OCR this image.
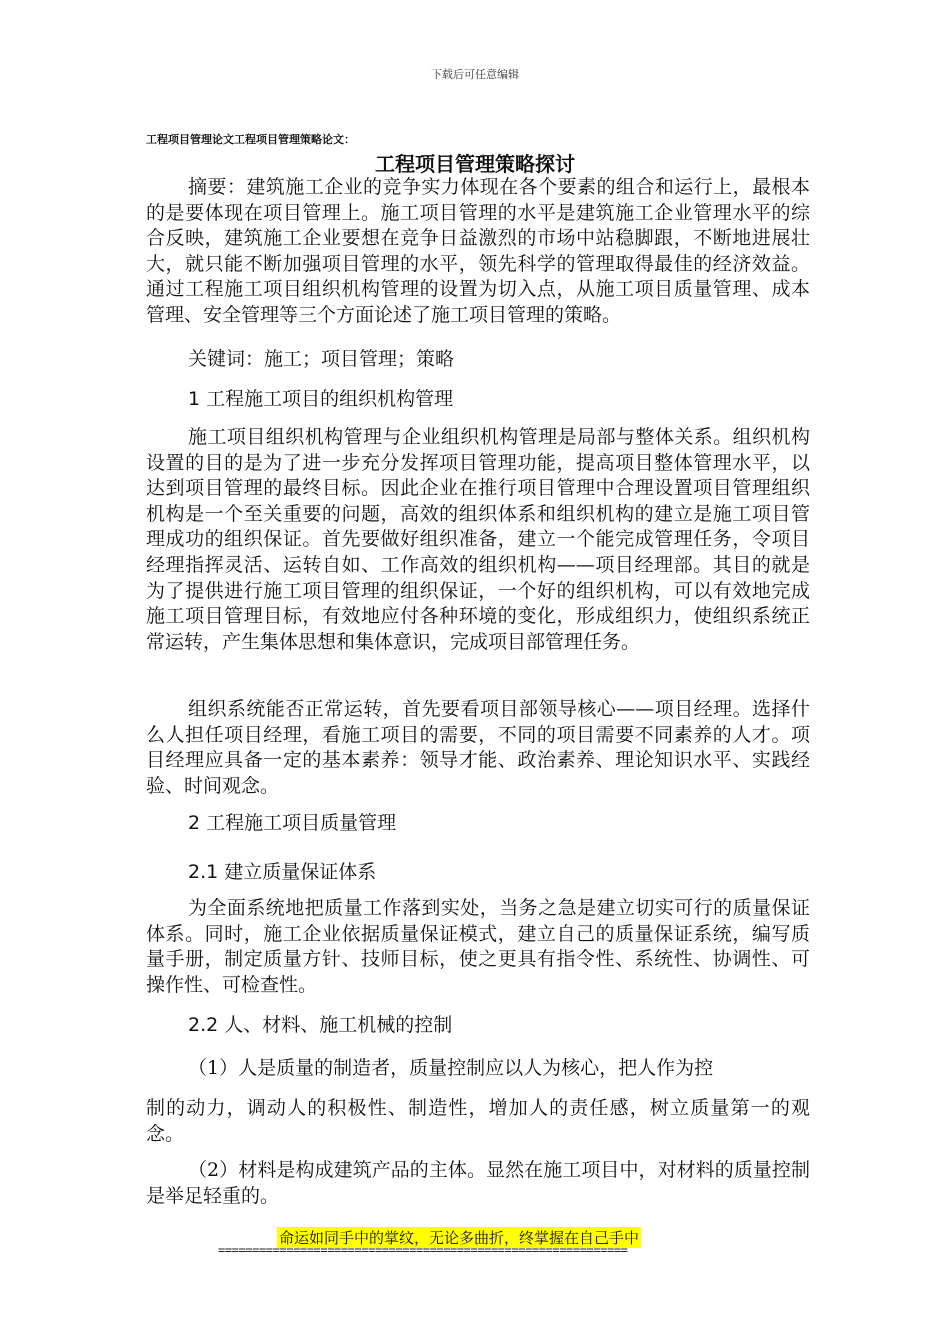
下载后可任意编辑
工程项目管理论文工程项目管理策略论文：
工程项目管理策略探讨

摘要：建筑施工企业的竞争实力体现在各个要素的组合和运行上，最根本的是要体现在项目管理上。施工项目管理的水平是建筑施工企业管理水平的综合反映，建筑施工企业要想在竞争日益激烈的市场中站稳脚跟，不断地进展壮大，就只能不断加强项目管理的水平，领先科学的管理取得最佳的经济效益。通过工程施工项目组织机构管理的设置为切入点，从施工项目质量管理、成本管理、安全管理等三个方面论述了施工项目管理的策略。

关键词：施工；项目管理；策略

1 工程施工项目的组织机构管理

施工项目组织机构管理与企业组织机构管理是局部与整体关系。组织机构设置的目的是为了进一步充分发挥项目管理功能，提高项目整体管理水平，以达到项目管理的最终目标。因此企业在推行项目管理中合理设置项目管理组织机构是一个至关重要的问题，高效的组织体系和组织机构的建立是施工项目管理成功的组织保证。首先要做好组织准备，建立一个能完成管理任务，令项目经理指挥灵活、运转自如、工作高效的组织机构——项目经理部。其目的就是为了提供进行施工项目管理的组织保证，一个好的组织机构，可以有效地完成施工项目管理目标，有效地应付各种环境的变化，形成组织力，使组织系统正常运转，产生集体思想和集体意识，完成项目部管理任务。

组织系统能否正常运转，首先要看项目部领导核心——项目经理。选择什么人担任项目经理，看施工项目的需要，不同的项目需要不同素养的人才。项目经理应具备一定的基本素养：领导才能、政治素养、理论知识水平、实践经验、时间观念。

2 工程施工项目质量管理

2.1 建立质量保证体系

为全面系统地把质量工作落到实处，当务之急是建立切实可行的质量保证体系。同时，施工企业依据质量保证模式，建立自己的质量保证系统，编写质量手册，制定质量方针、技师目标，使之更具有指令性、系统性、协调性、可操作性、可检查性。

2.2 人、材料、施工机械的控制

（1）人是质量的制造者，质量控制应以人为核心，把人作为控

制的动力，调动人的积极性、制造性，增加人的责任感，树立质量第一的观念。

（2）材料是构成建筑产品的主体。显然在施工项目中，对材料的质量控制是举足轻重的。

命运如同手中的掌纹，无论多曲折，终掌握在自己手中
============================================================
